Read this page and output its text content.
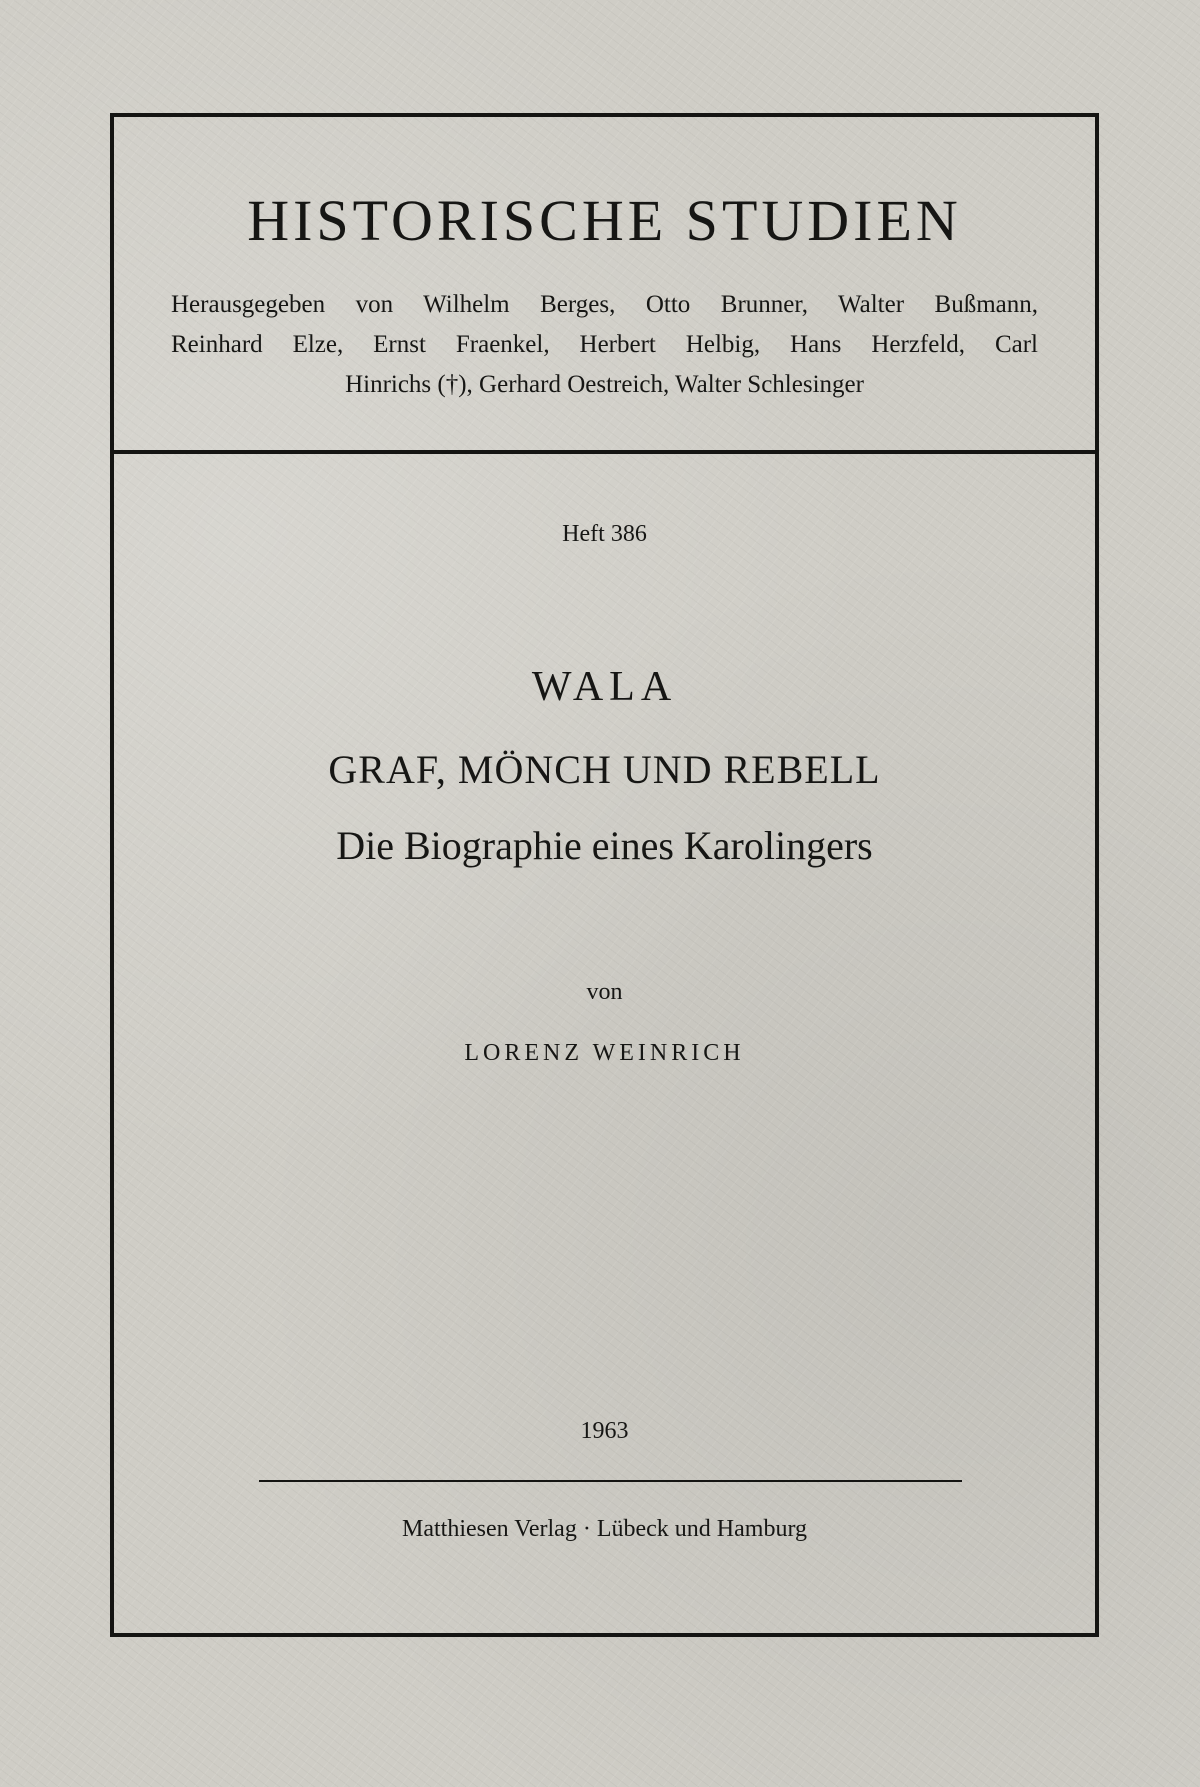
HISTORISCHE STUDIEN
Herausgegeben von Wilhelm Berges, Otto Brunner, Walter Bußmann,
Reinhard Elze, Ernst Fraenkel, Herbert Helbig, Hans Herzfeld, Carl
Hinrichs (†), Gerhard Oestreich, Walter Schlesinger
Heft 386
WALA
GRAF, MÖNCH UND REBELL
Die Biographie eines Karolingers
von
LORENZ WEINRICH
1963
Matthiesen Verlag · Lübeck und Hamburg
